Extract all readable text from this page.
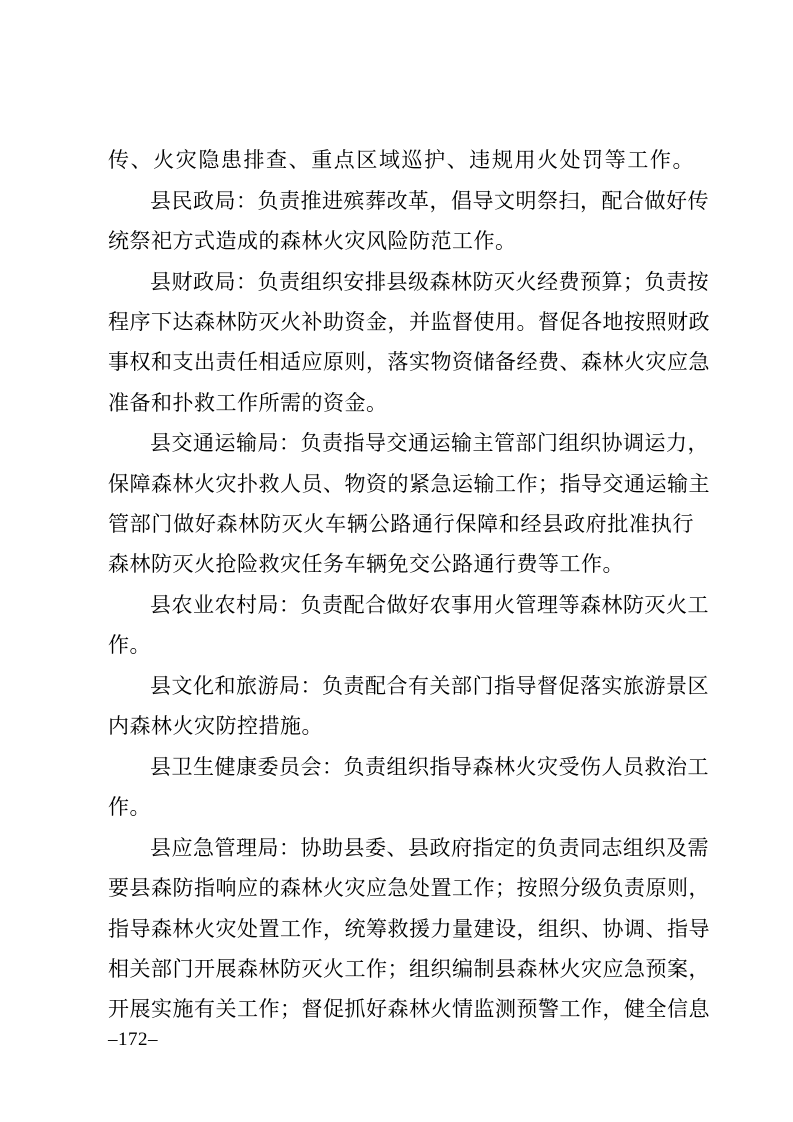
传、火灾隐患排查、重点区域巡护、违规用火处罚等工作。
县民政局：负责推进殡葬改革，倡导文明祭扫，配合做好传
统祭祀方式造成的森林火灾风险防范工作。
县财政局：负责组织安排县级森林防灭火经费预算；负责按
程序下达森林防灭火补助资金，并监督使用。督促各地按照财政
事权和支出责任相适应原则，落实物资储备经费、森林火灾应急
准备和扑救工作所需的资金。
县交通运输局：负责指导交通运输主管部门组织协调运力，
保障森林火灾扑救人员、物资的紧急运输工作；指导交通运输主
管部门做好森林防灭火车辆公路通行保障和经县政府批准执行
森林防灭火抢险救灾任务车辆免交公路通行费等工作。
县农业农村局：负责配合做好农事用火管理等森林防灭火工
作。
县文化和旅游局：负责配合有关部门指导督促落实旅游景区
内森林火灾防控措施。
县卫生健康委员会：负责组织指导森林火灾受伤人员救治工
作。
县应急管理局：协助县委、县政府指定的负责同志组织及需
要县森防指响应的森林火灾应急处置工作；按照分级负责原则，
指导森林火灾处置工作，统筹救援力量建设，组织、协调、指导
相关部门开展森林防灭火工作；组织编制县森林火灾应急预案，
开展实施有关工作；督促抓好森林火情监测预警工作，健全信息
–172–
